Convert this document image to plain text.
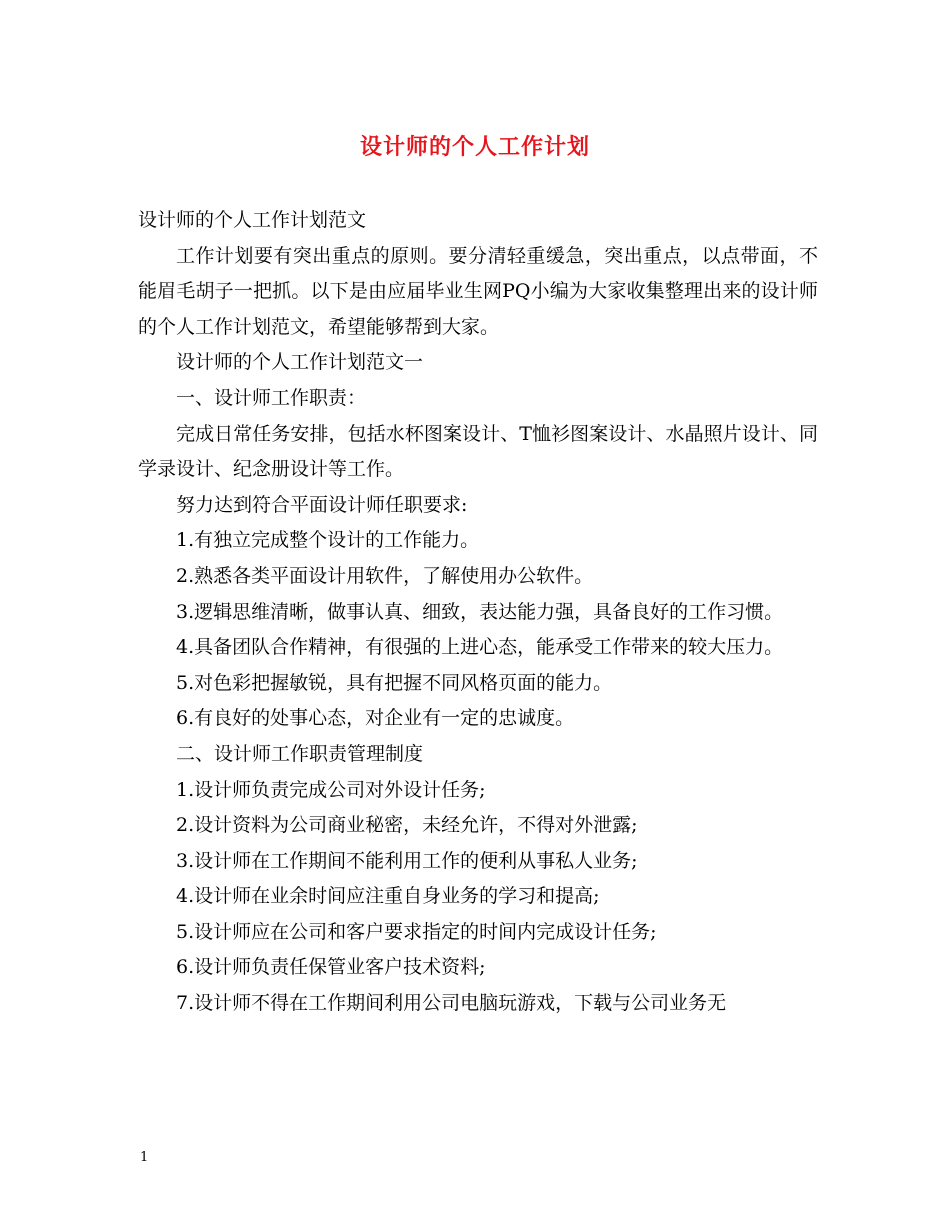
设计师的个人工作计划

设计师的个人工作计划范文

工作计划要有突出重点的原则。要分清轻重缓急，突出重点，以点带面，不能眉毛胡子一把抓。以下是由应届毕业生网PQ小编为大家收集整理出来的设计师的个人工作计划范文，希望能够帮到大家。

设计师的个人工作计划范文一

一、设计师工作职责：

完成日常任务安排，包括水杯图案设计、T恤衫图案设计、水晶照片设计、同学录设计、纪念册设计等工作。

努力达到符合平面设计师任职要求:

1.有独立完成整个设计的工作能力。

2.熟悉各类平面设计用软件，了解使用办公软件。

3.逻辑思维清晰，做事认真、细致，表达能力强，具备良好的工作习惯。

4.具备团队合作精神，有很强的上进心态，能承受工作带来的较大压力。

5.对色彩把握敏锐，具有把握不同风格页面的能力。

6.有良好的处事心态，对企业有一定的忠诚度。

二、设计师工作职责管理制度

1.设计师负责完成公司对外设计任务;

2.设计资料为公司商业秘密，未经允许，不得对外泄露;

3.设计师在工作期间不能利用工作的便利从事私人业务;

4.设计师在业余时间应注重自身业务的学习和提高;

5.设计师应在公司和客户要求指定的时间内完成设计任务;

6.设计师负责任保管业客户技术资料;

7.设计师不得在工作期间利用公司电脑玩游戏，下载与公司业务无

1
